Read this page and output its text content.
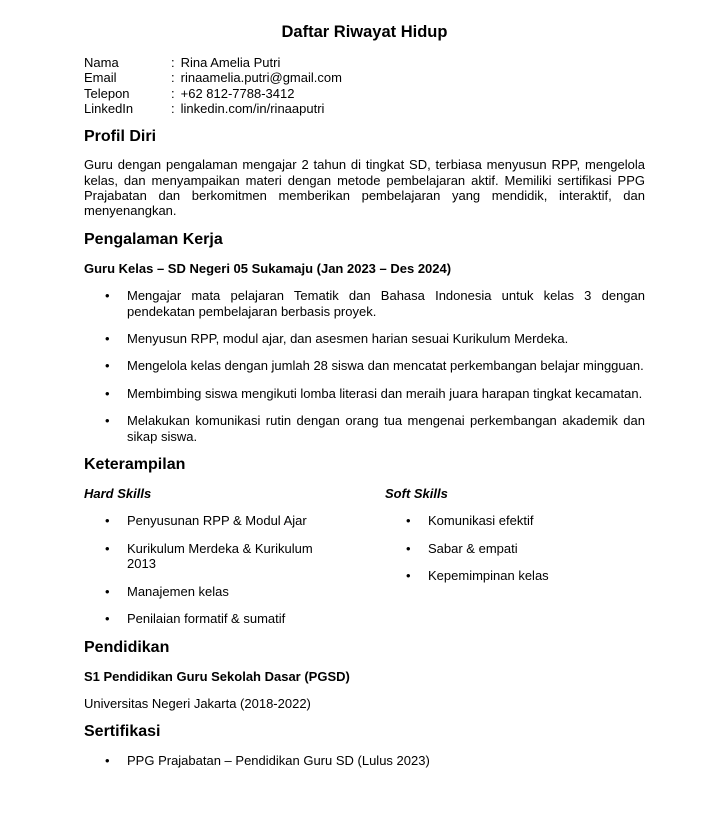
Daftar Riwayat Hidup
Nama	: Rina Amelia Putri
Email	: rinaamelia.putri@gmail.com
Telepon	: +62 812-7788-3412
LinkedIn	: linkedin.com/in/rinaaputri
Profil Diri

Guru dengan pengalaman mengajar 2 tahun di tingkat SD, terbiasa menyusun RPP, mengelola kelas, dan menyampaikan materi dengan metode pembelajaran aktif. Memiliki sertifikasi PPG Prajabatan dan berkomitmen memberikan pembelajaran yang mendidik, interaktif, dan menyenangkan.

Pengalaman Kerja

Guru Kelas – SD Negeri 05 Sukamaju (Jan 2023 – Des 2024)

• Mengajar mata pelajaran Tematik dan Bahasa Indonesia untuk kelas 3 dengan pendekatan pembelajaran berbasis proyek.
• Menyusun RPP, modul ajar, dan asesmen harian sesuai Kurikulum Merdeka.
• Mengelola kelas dengan jumlah 28 siswa dan mencatat perkembangan belajar mingguan.
• Membimbing siswa mengikuti lomba literasi dan meraih juara harapan tingkat kecamatan.
• Melakukan komunikasi rutin dengan orang tua mengenai perkembangan akademik dan sikap siswa.
Keterampilan

Hard Skills

• Penyusunan RPP & Modul Ajar
• Kurikulum Merdeka & Kurikulum 2013
• Manajemen kelas
• Penilaian formatif & sumatif

Soft Skills

• Komunikasi efektif
• Sabar & empati
• Kepemimpinan kelas
Pendidikan

S1 Pendidikan Guru Sekolah Dasar (PGSD)

Universitas Negeri Jakarta (2018-2022)

Sertifikasi
• PPG Prajabatan – Pendidikan Guru SD (Lulus 2023)
